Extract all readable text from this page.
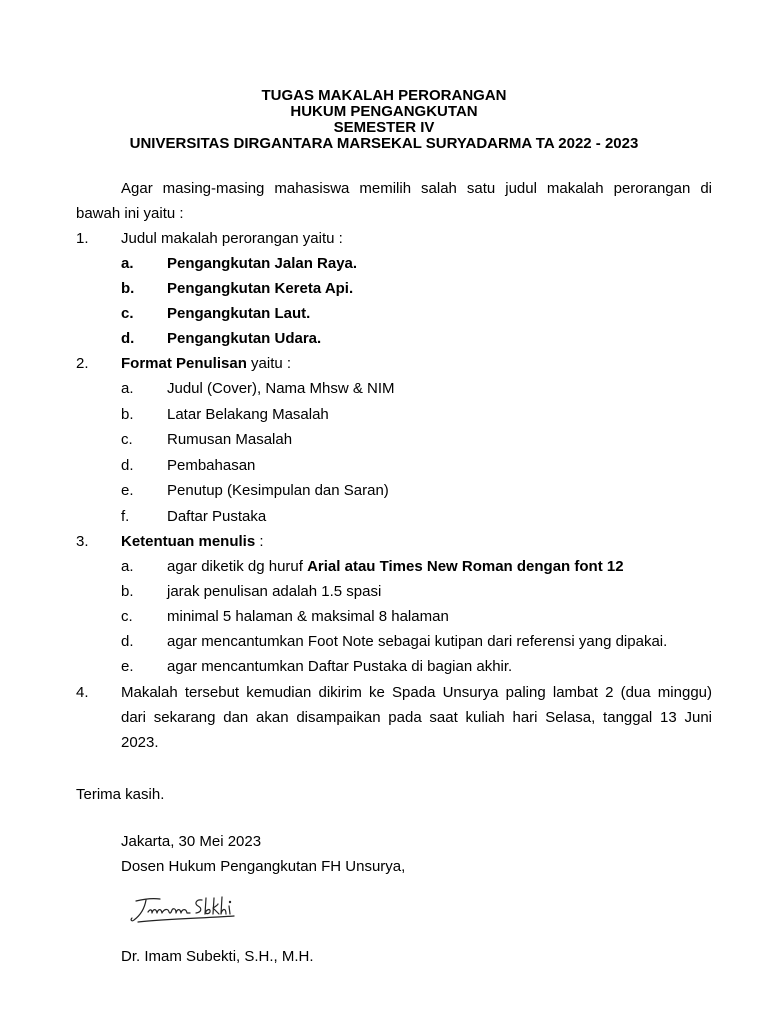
TUGAS MAKALAH PERORANGAN
HUKUM PENGANGKUTAN
SEMESTER IV
UNIVERSITAS DIRGANTARA MARSEKAL SURYADARMA TA 2022 - 2023
Agar masing-masing mahasiswa memilih salah satu judul makalah perorangan di
bawah ini yaitu :
1. Judul makalah perorangan yaitu :
a. Pengangkutan Jalan Raya.
b. Pengangkutan Kereta Api.
c. Pengangkutan Laut.
d. Pengangkutan Udara.
2. Format Penulisan yaitu :
a. Judul (Cover), Nama Mhsw & NIM
b. Latar Belakang Masalah
c. Rumusan Masalah
d. Pembahasan
e. Penutup (Kesimpulan dan Saran)
f.	Daftar Pustaka
3. Ketentuan menulis :
a. agar diketik dg huruf Arial atau Times New Roman dengan font 12
b. jarak penulisan adalah 1.5 spasi
c. minimal 5 halaman & maksimal 8 halaman
d. agar mencantumkan Foot Note sebagai kutipan dari referensi yang dipakai.
e. agar mencantumkan Daftar Pustaka di bagian akhir.
4. Makalah tersebut kemudian dikirim ke Spada Unsurya paling lambat 2 (dua minggu)
dari sekarang dan akan disampaikan pada saat kuliah hari Selasa, tanggal 13 Juni
2023.
Terima kasih.
Jakarta, 30 Mei 2023
Dosen Hukum Pengangkutan FH Unsurya,
Dr. Imam Subekti, S.H., M.H.
